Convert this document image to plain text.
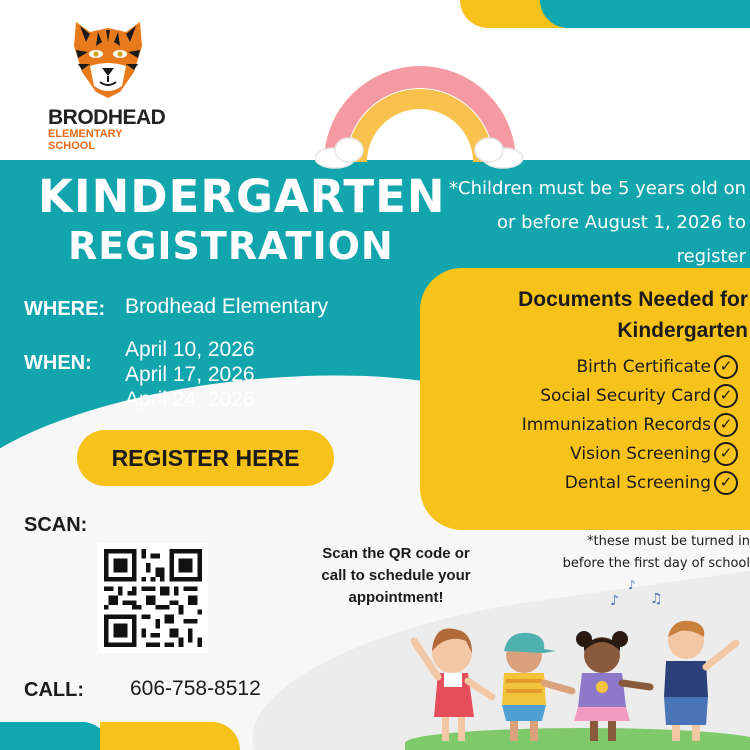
BRODHEAD
ELEMENTARY SCHOOL
KINDERGARTEN
REGISTRATION
*Children must be 5 years old on
or before August 1, 2026 to
register
WHERE: Brodhead Elementary
WHEN:
April 10, 2026
April 17, 2026
April 24, 2026
REGISTER HERE
Documents Needed for
Kindergarten
Birth Certificate ✓
Social Security Card ✓
Immunization Records ✓
Vision Screening ✓
Dental Screening ✓
*these must be turned in
before the first day of school
SCAN:
Scan the QR code or
call to schedule your
appointment!
CALL: 606-758-8512
♪
♪
♫
